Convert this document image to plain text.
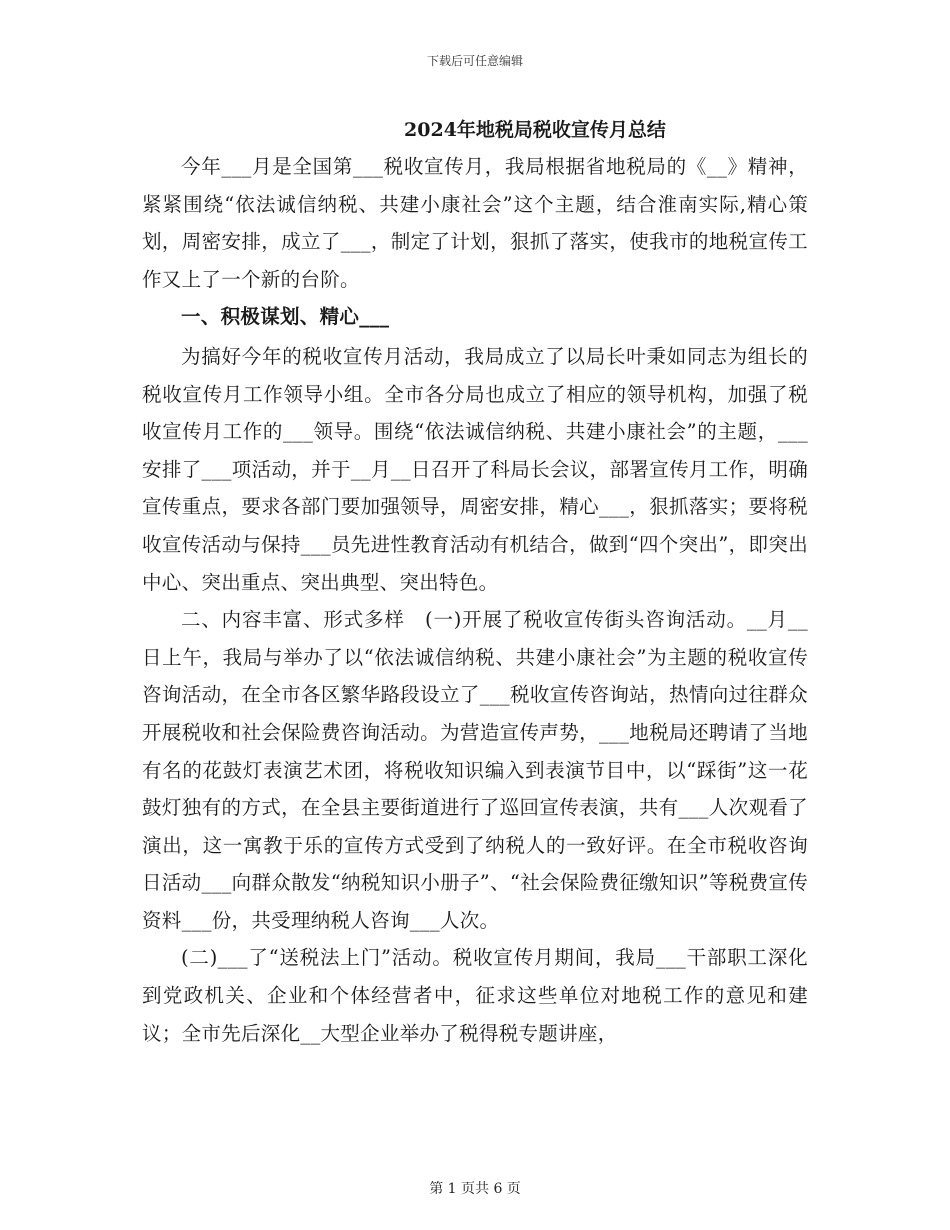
下载后可任意编辑
2024年地税局税收宣传月总结

今年___月是全国第___税收宣传月，我局根据省地税局的《__》精神，紧紧围绕“依法诚信纳税、共建小康社会”这个主题，结合淮南实际,精心策划，周密安排，成立了___，制定了计划，狠抓了落实，使我市的地税宣传工作又上了一个新的台阶。

一、积极谋划、精心___

为搞好今年的税收宣传月活动，我局成立了以局长叶秉如同志为组长的税收宣传月工作领导小组。全市各分局也成立了相应的领导机构，加强了税收宣传月工作的___领导。围绕“依法诚信纳税、共建小康社会”的主题，___安排了___项活动，并于__月__日召开了科局长会议，部署宣传月工作，明确宣传重点，要求各部门要加强领导，周密安排，精心___，狠抓落实；要将税收宣传活动与保持___员先进性教育活动有机结合，做到“四个突出”，即突出中心、突出重点、突出典型、突出特色。

二、内容丰富、形式多样　(一)开展了税收宣传街头咨询活动。__月__日上午，我局与举办了以“依法诚信纳税、共建小康社会”为主题的税收宣传咨询活动，在全市各区繁华路段设立了___税收宣传咨询站，热情向过往群众开展税收和社会保险费咨询活动。为营造宣传声势，___地税局还聘请了当地有名的花鼓灯表演艺术团，将税收知识编入到表演节目中，以“踩街”这一花鼓灯独有的方式，在全县主要街道进行了巡回宣传表演，共有___人次观看了演出，这一寓教于乐的宣传方式受到了纳税人的一致好评。在全市税收咨询日活动___向群众散发“纳税知识小册子”、“社会保险费征缴知识”等税费宣传资料___份，共受理纳税人咨询___人次。

(二)___了“送税法上门”活动。税收宣传月期间，我局___干部职工深化到党政机关、企业和个体经营者中，征求这些单位对地税工作的意见和建议；全市先后深化__大型企业举办了税得税专题讲座，

第 1 页共 6 页
